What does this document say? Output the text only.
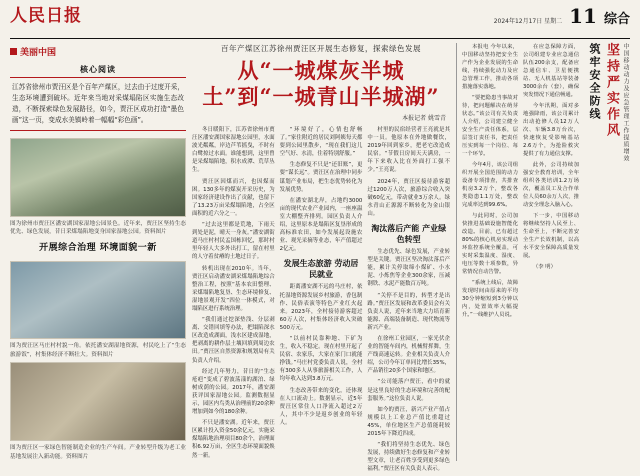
人民日报	2024年12月17日 星期二 11 综合
美丽中国
核心阅读
江苏省徐州市贾汪区是个百年产煤区，过去由于过度开采，生态环境遭到破坏。近年来当地对采煤塌陷区实施生态改造，不断探索绿色发展路径，如今，贾汪区成功打造“墨色画”这一页，变成水美镇岭着一幅幅“彩色画”。
图为徐州市贾汪区潘安湖国家湿地公园景色。近年来，贾汪区坚持生态优先、绿色发展，昔日采煤塌陷地变身国家湿地公园。资料图片
开展综合治理 环境面貌一新
图为贾汪区马庄村村貌一角。依托潘安湖湿地资源，村民吃上了“生态旅游饭”，村集体经济不断壮大。资料图片
图为贾汪区一家绿色智能制造企业的生产车间。产业转型升级为老工业基地发展注入新动能。资料图片
百年产煤区江苏徐州贾汪区开展生态修复，探索绿色发展
从“一城煤灰半城土”到“一城青山半城湖”
本报记者 姚雪青

冬日暖阳下，江苏省徐州市贾汪区潘安湖国家湿地公园里，水面波光粼粼，岸边芦苇摇曳，不时有白鹭掠过水面。谁能想到，这里曾是采煤塌陷地，积水成潭、荒草丛生。

贾汪区因煤而兴，也因煤而困。130多年的煤炭开采历史，为国家经济建设作出了贡献，也留下了13.23万亩采煤塌陷地，占全区面积的近六分之一。

“过去这里都是荒地，下雨天到处是泥，晴天一身灰。”潘安湖街道马庄村村民孟国栋回忆，那时村里年轻人大多外出打工，留在村里的人守着贫瘠的土地过日子。

转机出现在2010年。当年，贾汪区启动潘安湖采煤塌陷地综合整治工程，按照“基本农田整理、采煤塌陷地复垦、生态环境修复、湿地景观开发”四位一体模式，对塌陷区进行系统治理。

“我们通过挖深垫浅、分层剥离、交错回填等办法，把塌陷深水区改造成湖面，浅水区建成湿地，把剥离的耕作层土壤回填到周边农田。”贾汪区自然资源和规划局有关负责人介绍。

经过几年努力，昔日的“生态疮疤”变成了碧波荡漾的湖泊、绿树成荫的公园。2017年，潘安湖获评国家湿地公园。监测数据显示，园区内鸟类从治理前的20余种增加到如今的180余种。

不只是潘安湖。近年来，贾汪区累计投入资金50余亿元，实施采煤塌陷地治理项目80余个，治理面积6.92万亩，全区生态环境面貌焕然一新。

“环境好了，心情也舒畅了。”家住附近的居民刘阿姨每天都要到公园里散步，“现在我们这儿空气好、水清，住着特别舒服。”

生态修复不只是“还旧账”，更要“谋长远”。贾汪区在治理中同步谋划产业布局，把生态优势转化为发展优势。

在潘安湖北岸，占地约3000亩的现代农业产业园内，一座座温室大棚整齐排列。园区负责人介绍，这里原本是塌陷区复垦形成的高标准农田，如今发展起设施农业、观光采摘等业态，年产值超过2亿元。

发展生态旅游 劳动居民就业

距离潘安湖不远的马庄村，依托湿地资源发展乡村旅游，香包制作、民俗表演等特色产业红火起来。2023年，全村接待游客超过60万人次，村集体经济收入突破500万元。

“以前村民靠种地、下矿为生，收入不稳定。现在村里开起了民宿、农家乐，大家在家门口就能挣钱。”马庄村党委负责人说，全村有300多人从事旅游相关工作，人均年收入达到3.8万元。

生态改善带来的变化，还体现在人口流动上。数据显示，近5年贾汪区常住人口净流入超过2万人，其中不少是返乡创业的年轻人。

村里的民宿经营者王亮就是其中一员。他原本在外地做餐饮，2019年回到家乡，把老宅改造成民宿。“节假日房间天天满房，一年下来收入比在外面打工强不少。”王亮说。

2024年，贾汪区接待游客超过1200万人次，旅游综合收入突破60亿元，带动就业3万余人。绿水青山正源源不断转化为金山银山。

淘汰落后产能 产业绿色转型

生态优先、绿色发展，产业转型是关键。贾汪区坚决淘汰落后产能，累计关停取缔小煤矿、小水泥、小炼焦等企业300余家，压减钢铁、水泥产能数百万吨。

“关停不是目的，转型才是出路。”贾汪区发展和改革委员会有关负责人说，近年来当地大力培育新能源、高端装备制造、现代物流等新兴产业。

在徐州工业园区，一家光伏企业的智能车间内，机械臂挥舞，生产线高速运转。企业相关负责人介绍，公司今年订单同比增长35%，产品销往20多个国家和地区。

“公司能落户贾汪，看中的就是这里良好的生态环境和完善的配套服务。”这位负责人说。

如今的贾汪，新兴产业产值占规模以上工业总产值比重超过45%，单位地区生产总值能耗较2015年下降近四成。

“我们将坚持生态优先、绿色发展，持续做好生态修复和产业转型文章，让老百姓享受到更多绿色福利。”贾汪区有关负责人表示。

本报电 今年以来，中国移动坚持把安全生产作为企业发展的生命线，持续强化动力及应急管理工作，推动各项措施落实落地。

“要把隐患当事故对待，把问题解决在萌芽状态。”该公司有关负责人介绍，公司建立健全安全生产责任体系，层层签订责任书，把责任压实到每一个岗位、每一个环节。

今年4月，该公司组织开展全国范围的动力设备专项排查，共排查机房3.2万个，整改各类隐患1.1万处，整改完成率达到99.6%。

与此同时，公司加快推进基础设施智能化改造。目前，已有超过80%的核心机房实现动环监控系统全覆盖，可实时采集温度、湿度、电压等数十项参数，异常情况自动告警。

“系统上线后，故障发现时间由原来的平均30分钟缩短到3分钟以内，处置效率大幅提升。”一线维护人员说。

在应急保障方面，公司组建专业应急通信队伍200余支，配备应急通信车、卫星便携站、无人机基站等装备3000余台（套），确保突发情况下通信畅通。

今年汛期，面对多地强降雨，该公司累计出动抢修人员12万人次、车辆3.8万台次，快速恢复受影响基站2.6万个，为抢险救灾提供了有力通信支撑。

此外，公司持续加强安全教育培训，全年组织各类培训1.2万场次，覆盖员工及合作单位人员60余万人次，推动安全理念入脑入心。

下一步，中国移动将继续坚持人民至上、生命至上，不断完善安全生产长效机制，以高水平安全保障高质量发展。

（李 明）

中国移动动力及应急管理工作提质增效
坚持严实作风
筑牢安全防线
